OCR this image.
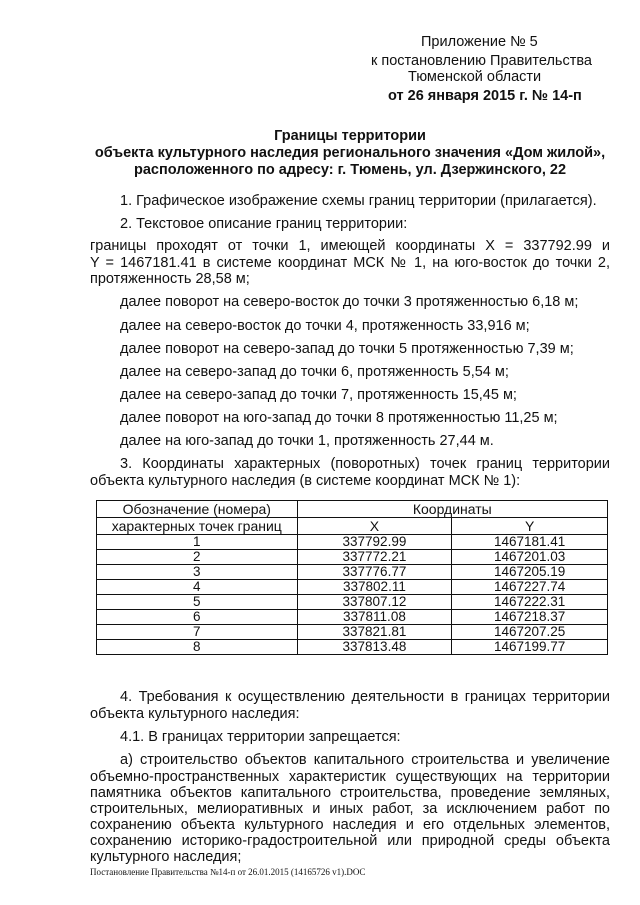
Приложение № 5
к постановлению Правительства
Тюменской области
от 26 января 2015 г. № 14-п
Границы территории
объекта культурного наследия регионального значения «Дом жилой»,
расположенного по адресу: г. Тюмень, ул. Дзержинского, 22
1. Графическое изображение схемы границ территории (прилагается).
2. Текстовое описание границ территории:
границы проходят от точки 1, имеющей координаты X = 337792.99 и
Y = 1467181.41 в системе координат МСК № 1, на юго-восток до точки 2,
протяженность 28,58 м;
далее поворот на северо-восток до точки 3 протяженностью 6,18 м;
далее на северо-восток до точки 4, протяженность 33,916 м;
далее поворот на северо-запад до точки 5 протяженностью 7,39 м;
далее на северо-запад до точки 6, протяженность 5,54 м;
далее на северо-запад до точки 7, протяженность 15,45 м;
далее поворот на юго-запад до точки 8 протяженностью 11,25 м;
далее на юго-запад до точки 1, протяженность 27,44 м.
3. Координаты характерных (поворотных) точек границ территории
объекта культурного наследия (в системе координат МСК № 1):
Обозначение (номера)	Координаты	
характерных точек границ	X	Y
1	337792.99	1467181.41
2	337772.21	1467201.03
3	337776.77	1467205.19
4	337802.11	1467227.74
5	337807.12	1467222.31
6	337811.08	1467218.37
7	337821.81	1467207.25
8	337813.48	1467199.77
4. Требования к осуществлению деятельности в границах территории
объекта культурного наследия:
4.1. В границах территории запрещается:
а) строительство объектов капитального строительства и увеличение
объемно-пространственных характеристик существующих на территории
памятника объектов капитального строительства, проведение земляных,
строительных, мелиоративных и иных работ, за исключением работ по
сохранению объекта культурного наследия и его отдельных элементов,
сохранению историко-градостроительной или природной среды объекта
культурного наследия;
Постановление Правительства №14-п от 26.01.2015 (14165726 v1).DOC
